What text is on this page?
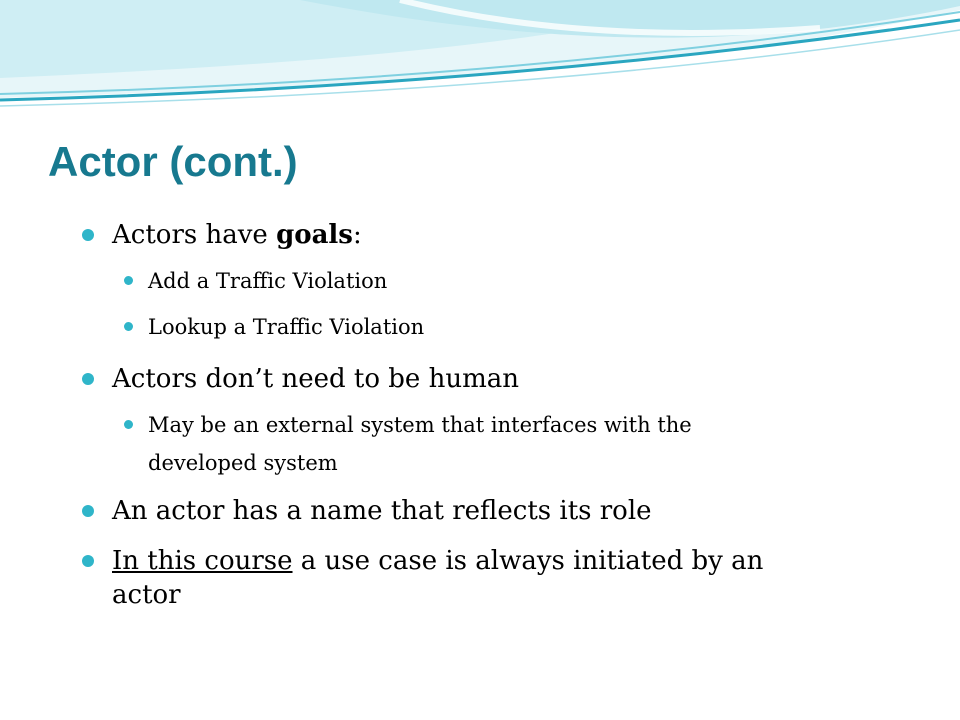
Actor (cont.)
Actors have goals:
Add a Traffic Violation
Lookup a Traffic Violation
Actors don’t need to be human
May be an external system that interfaces with the
developed system
An actor has a name that reflects its role
In this course a use case is always initiated by an
actor
